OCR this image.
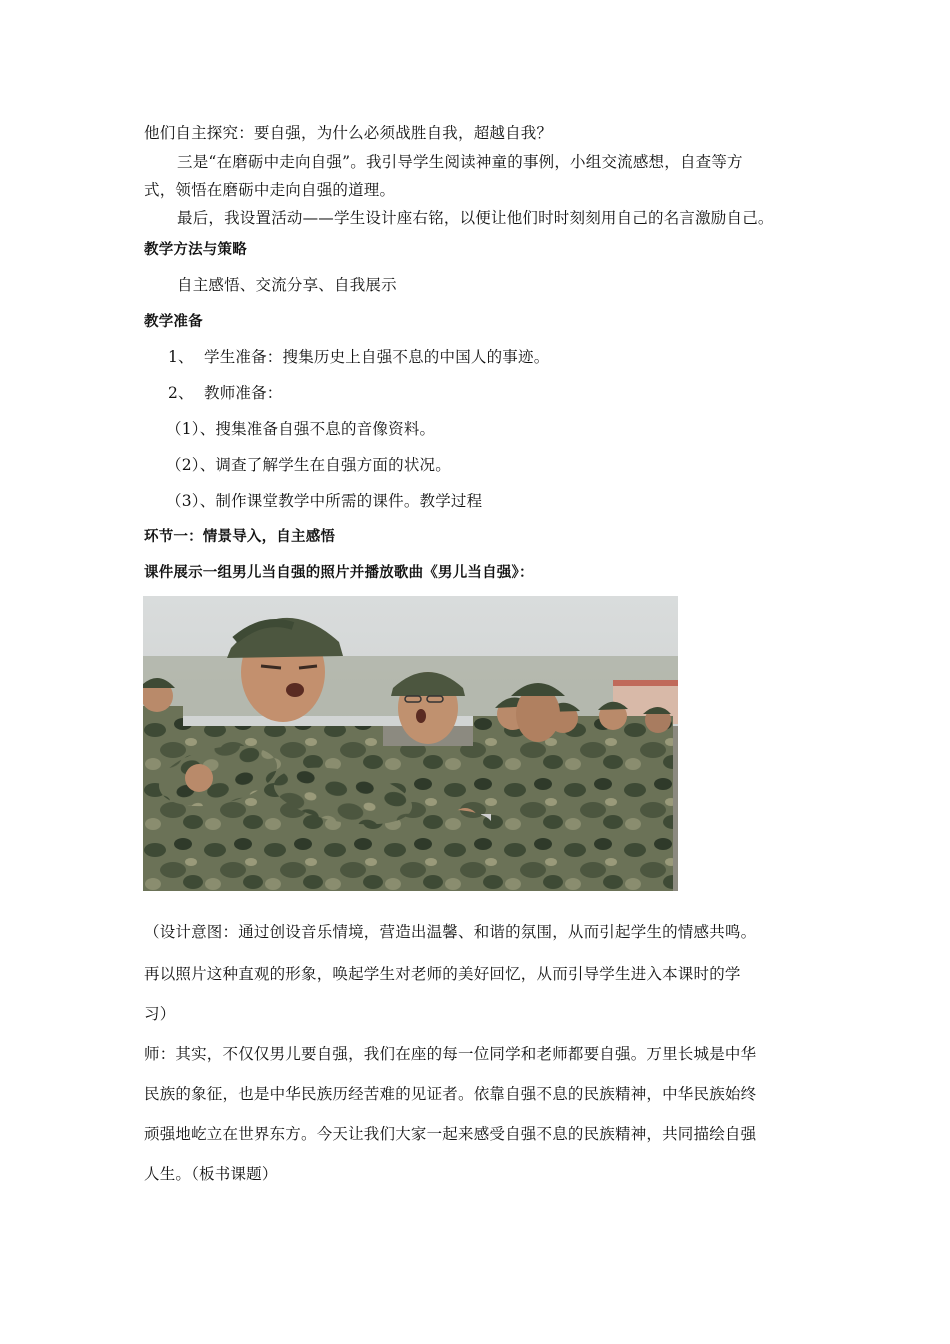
他们自主探究：要自强，为什么必须战胜自我，超越自我？
三是“在磨砺中走向自强”。我引导学生阅读神童的事例，小组交流感想，自查等方
式，领悟在磨砺中走向自强的道理。
最后，我设置活动——学生设计座右铭，以便让他们时时刻刻用自己的名言激励自己。
教学方法与策略
自主感悟、交流分享、自我展示
教学准备
1、 学生准备：搜集历史上自强不息的中国人的事迹。
2、 教师准备：
（1）、搜集准备自强不息的音像资料。
（2）、调查了解学生在自强方面的状况。
（3）、制作课堂教学中所需的课件。教学过程
环节一：情景导入，自主感悟
课件展示一组男儿当自强的照片并播放歌曲《男儿当自强》：
（设计意图：通过创设音乐情境，营造出温馨、和谐的氛围，从而引起学生的情感共鸣。
再以照片这种直观的形象，唤起学生对老师的美好回忆，从而引导学生进入本课时的学
习）
师：其实，不仅仅男儿要自强，我们在座的每一位同学和老师都要自强。万里长城是中华
民族的象征，也是中华民族历经苦难的见证者。依靠自强不息的民族精神，中华民族始终
顽强地屹立在世界东方。今天让我们大家一起来感受自强不息的民族精神，共同描绘自强
人生。（板书课题）
